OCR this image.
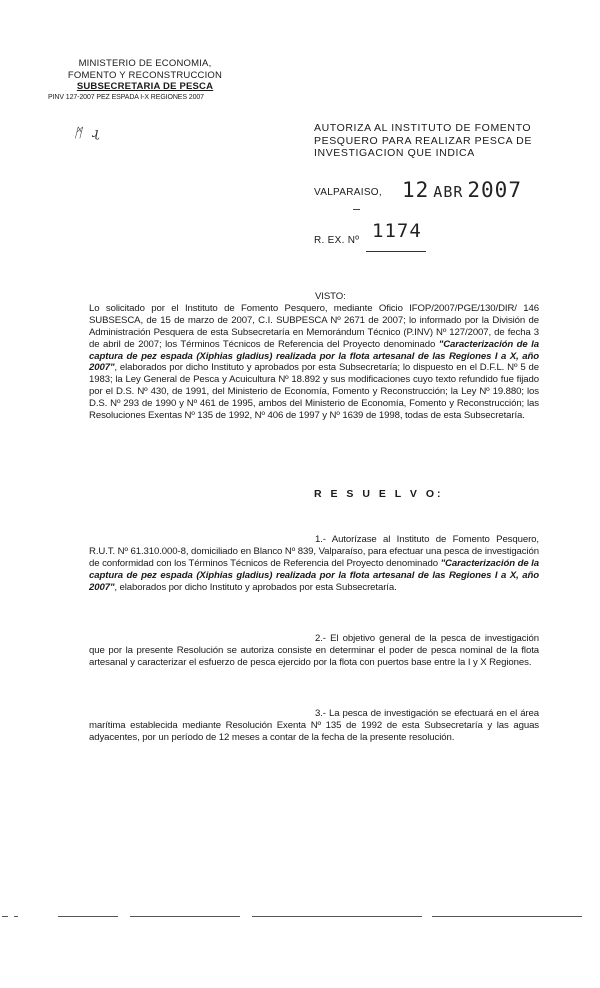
MINISTERIO DE ECONOMIA,
FOMENTO Y RECONSTRUCCION
SUBSECRETARIA DE PESCA
PINV 127-2007 PEZ ESPADA I-X REGIONES 2007
ᛗ ɻ	AUTORIZA AL INSTITUTO DE FOMENTO
PESQUERO PARA REALIZAR PESCA DE
INVESTIGACION QUE INDICA
VALPARAISO, 12 ABR 2007
R. EX. Nº 1174
VISTO:
Lo solicitado por el Instituto de Fomento Pesquero, mediante Oficio IFOP/2007/PGE/130/DIR/ 146 SUBSESCA, de 15 de marzo de 2007, C.I. SUBPESCA Nº 2671 de 2007; lo informado por la División de Administración Pesquera de esta Subsecretaría en Memorándum Técnico (P.INV) Nº 127/2007, de fecha 3 de abril de 2007; los Términos Técnicos de Referencia del Proyecto denominado "Caracterización de la captura de pez espada (Xiphias gladius) realizada por la flota artesanal de las Regiones I a X, año 2007", elaborados por dicho Instituto y aprobados por esta Subsecretaría; lo dispuesto en el D.F.L. Nº 5 de 1983; la Ley General de Pesca y Acuicultura Nº 18.892 y sus modificaciones cuyo texto refundido fue fijado por el D.S. Nº 430, de 1991, del Ministerio de Economía, Fomento y Reconstrucción; la Ley Nº 19.880; los D.S. Nº 293 de 1990 y Nº 461 de 1995, ambos del Ministerio de Economía, Fomento y Reconstrucción; las Resoluciones Exentas Nº 135 de 1992, Nº 406 de 1997 y Nº 1639 de 1998, todas de esta Subsecretaría.
R E S U E L V O:
1.- Autorízase al Instituto de Fomento Pesquero, R.U.T. Nº 61.310.000-8, domiciliado en Blanco Nº 839, Valparaíso, para efectuar una pesca de investigación de conformidad con los Términos Técnicos de Referencia del Proyecto denominado "Caracterización de la captura de pez espada (Xiphias gladius) realizada por la flota artesanal de las Regiones I a X, año 2007", elaborados por dicho Instituto y aprobados por esta Subsecretaría.
2.- El objetivo general de la pesca de investigación que por la presente Resolución se autoriza consiste en determinar el poder de pesca nominal de la flota artesanal y caracterizar el esfuerzo de pesca ejercido por la flota con puertos base entre la I y X Regiones.
3.- La pesca de investigación se efectuará en el área marítima establecida mediante Resolución Exenta Nº 135 de 1992 de esta Subsecretaría y las aguas adyacentes, por un período de 12 meses a contar de la fecha de la presente resolución.
